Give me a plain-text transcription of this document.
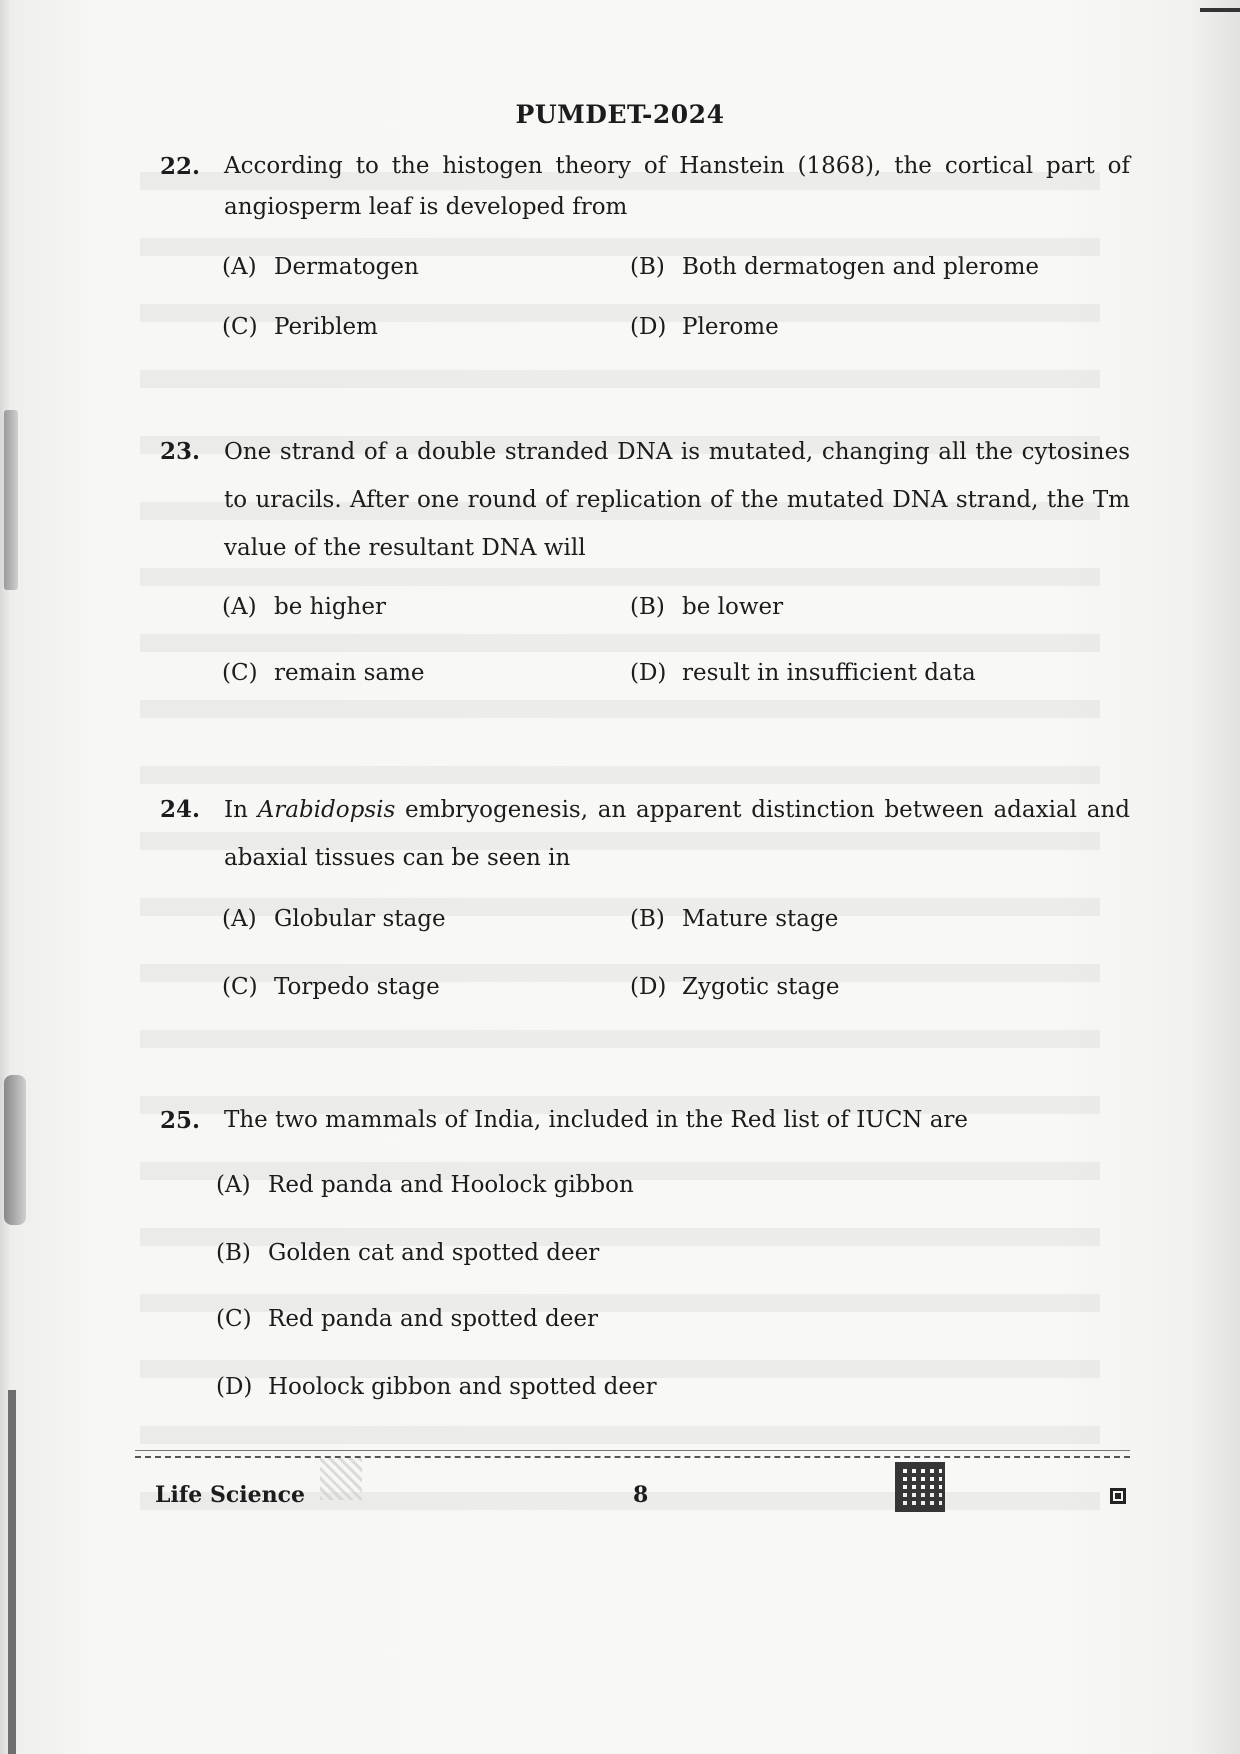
PUMDET-2024
22. According to the histogen theory of Hanstein (1868), the cortical part of angiosperm leaf is developed from
(A) Dermatogen	(B) Both dermatogen and plerome
(C) Periblem	(D) Plerome
23. One strand of a double stranded DNA is mutated, changing all the cytosines to uracils. After one round of replication of the mutated DNA strand, the Tm value of the resultant DNA will
(A) be higher	(B) be lower
(C) remain same	(D) result in insufficient data
24. In Arabidopsis embryogenesis, an apparent distinction between adaxial and abaxial tissues can be seen in
(A) Globular stage	(B) Mature stage
(C) Torpedo stage	(D) Zygotic stage
25. The two mammals of India, included in the Red list of IUCN are
(A) Red panda and Hoolock gibbon
(B) Golden cat and spotted deer
(C) Red panda and spotted deer
(D) Hoolock gibbon and spotted deer
Life Science	8
